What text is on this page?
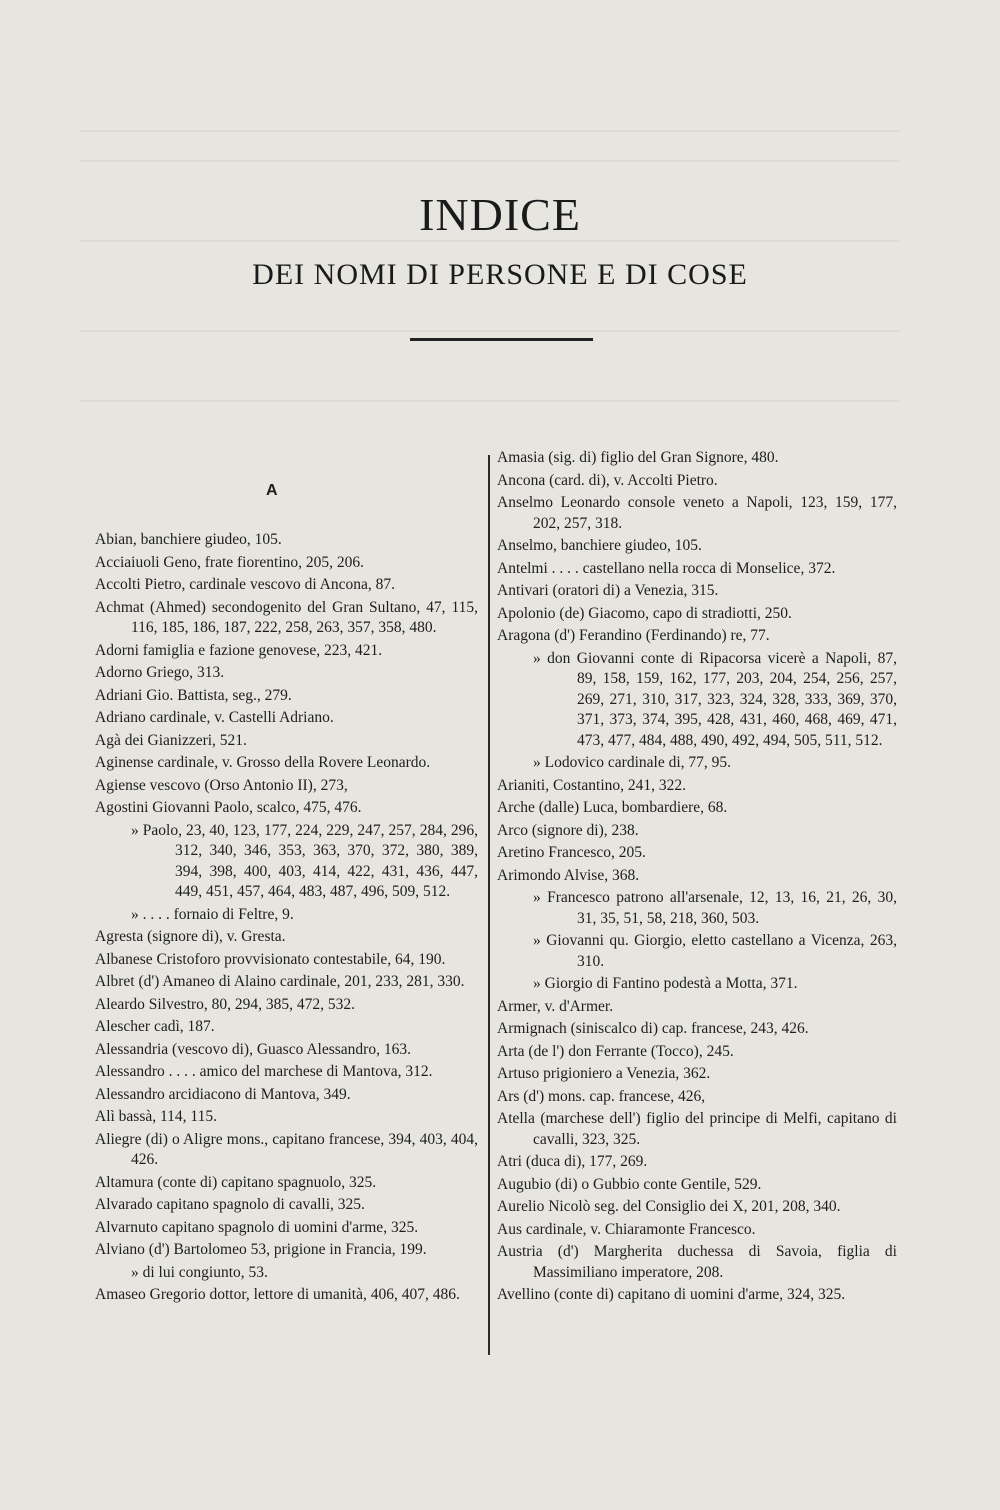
INDICE
DEI NOMI DI PERSONE E DI COSE
A

Abian, banchiere giudeo, 105.

Acciaiuoli Geno, frate fiorentino, 205, 206.

Accolti Pietro, cardinale vescovo di Ancona, 87.

Achmat (Ahmed) secondogenito del Gran Sultano, 47, 115, 116, 185, 186, 187, 222, 258, 263, 357, 358, 480.

Adorni famiglia e fazione genovese, 223, 421.

Adorno Griego, 313.

Adriani Gio. Battista, seg., 279.

Adriano cardinale, v. Castelli Adriano.

Agà dei Gianizzeri, 521.

Aginense cardinale, v. Grosso della Rovere Leonardo.

Agiense vescovo (Orso Antonio II), 273,

Agostini Giovanni Paolo, scalco, 475, 476.

» Paolo, 23, 40, 123, 177, 224, 229, 247, 257, 284, 296, 312, 340, 346, 353, 363, 370, 372, 380, 389, 394, 398, 400, 403, 414, 422, 431, 436, 447, 449, 451, 457, 464, 483, 487, 496, 509, 512.

» . . . . fornaio di Feltre, 9.

Agresta (signore di), v. Gresta.

Albanese Cristoforo provvisionato contestabile, 64, 190.

Albret (d') Amaneo di Alaino cardinale, 201, 233, 281, 330.

Aleardo Silvestro, 80, 294, 385, 472, 532.

Alescher cadì, 187.

Alessandria (vescovo di), Guasco Alessandro, 163.

Alessandro . . . . amico del marchese di Mantova, 312.

Alessandro arcidiacono di Mantova, 349.

Alì bassà, 114, 115.

Aliegre (di) o Aligre mons., capitano francese, 394, 403, 404, 426.

Altamura (conte di) capitano spagnuolo, 325.

Alvarado capitano spagnolo di cavalli, 325.

Alvarnuto capitano spagnolo di uomini d'arme, 325.

Alviano (d') Bartolomeo 53, prigione in Francia, 199.

» di lui congiunto, 53.

Amaseo Gregorio dottor, lettore di umanità, 406, 407, 486.

Amasia (sig. di) figlio del Gran Signore, 480.

Ancona (card. di), v. Accolti Pietro.

Anselmo Leonardo console veneto a Napoli, 123, 159, 177, 202, 257, 318.

Anselmo, banchiere giudeo, 105.

Antelmi . . . . castellano nella rocca di Monselice, 372.

Antivari (oratori di) a Venezia, 315.

Apolonio (de) Giacomo, capo di stradiotti, 250.

Aragona (d') Ferandino (Ferdinando) re, 77.

» don Giovanni conte di Ripacorsa vicerè a Napoli, 87, 89, 158, 159, 162, 177, 203, 204, 254, 256, 257, 269, 271, 310, 317, 323, 324, 328, 333, 369, 370, 371, 373, 374, 395, 428, 431, 460, 468, 469, 471, 473, 477, 484, 488, 490, 492, 494, 505, 511, 512.

» Lodovico cardinale di, 77, 95.

Arianiti, Costantino, 241, 322.

Arche (dalle) Luca, bombardiere, 68.

Arco (signore di), 238.

Aretino Francesco, 205.

Arimondo Alvise, 368.

» Francesco patrono all'arsenale, 12, 13, 16, 21, 26, 30, 31, 35, 51, 58, 218, 360, 503.

» Giovanni qu. Giorgio, eletto castellano a Vicenza, 263, 310.

» Giorgio di Fantino podestà a Motta, 371.

Armer, v. d'Armer.

Armignach (siniscalco di) cap. francese, 243, 426.

Arta (de l') don Ferrante (Tocco), 245.

Artuso prigioniero a Venezia, 362.

Ars (d') mons. cap. francese, 426,

Atella (marchese dell') figlio del principe di Melfi, capitano di cavalli, 323, 325.

Atri (duca di), 177, 269.

Augubio (di) o Gubbio conte Gentile, 529.

Aurelio Nicolò seg. del Consiglio dei X, 201, 208, 340.

Aus cardinale, v. Chiaramonte Francesco.

Austria (d') Margherita duchessa di Savoia, figlia di Massimiliano imperatore, 208.

Avellino (conte di) capitano di uomini d'arme, 324, 325.
